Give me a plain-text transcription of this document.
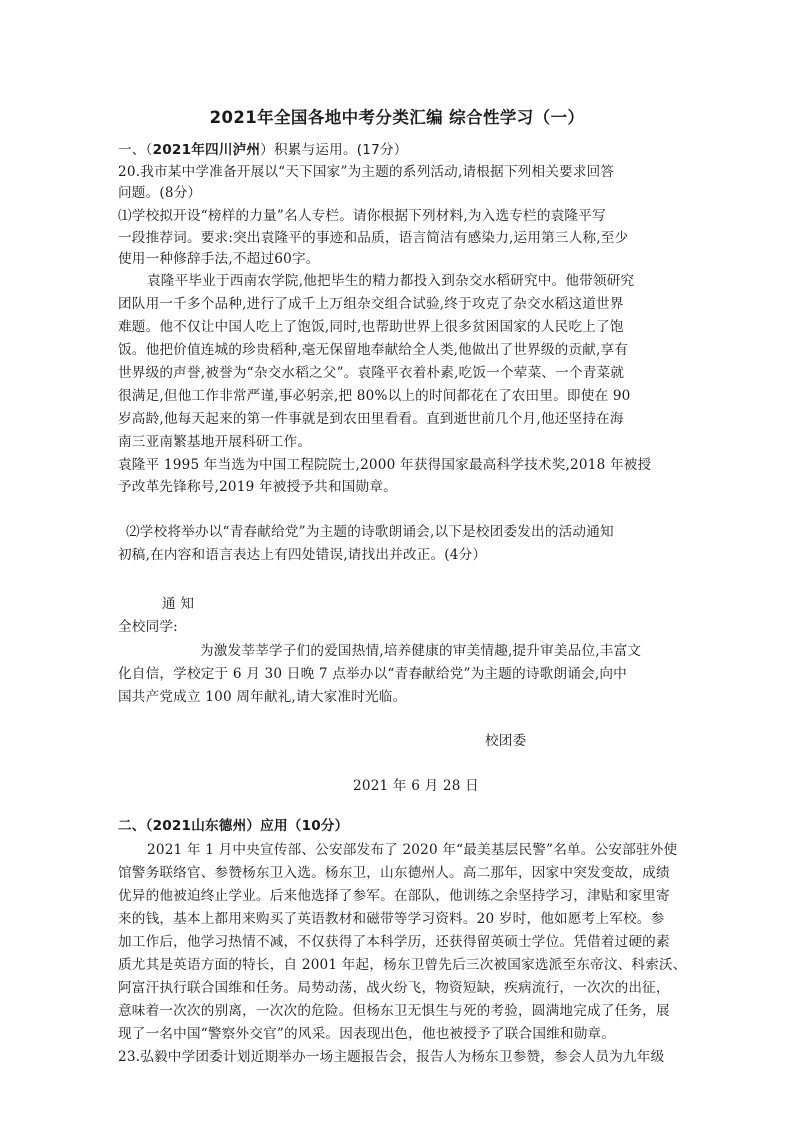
2021年全国各地中考分类汇编 综合性学习（一）
一、（2021年四川泸州）积累与运用。(17分）
20.我市某中学准备开展以“天下国家”为主题的系列活动,请根据下列相关要求回答
问题。(8分）
⑴学校拟开设“榜样的力量”名人专栏。请你根据下列材料,为入选专栏的袁隆平写
一段推荐词。要求:突出袁隆平的事迹和品质，语言简洁有感染力,运用第三人称,至少
使用一种修辞手法,不超过60字。
袁隆平毕业于西南农学院,他把毕生的精力都投入到杂交水稻研究中。他带领研究
团队用一千多个品种,进行了成千上万组杂交组合试验,终于攻克了杂交水稻这道世界
难题。他不仅让中国人吃上了饱饭,同时,也帮助世界上很多贫困国家的人民吃上了饱
饭。他把价值连城的珍贵稻种,毫无保留地奉献给全人类,他做出了世界级的贡献,享有
世界级的声誉,被誉为“杂交水稻之父”。袁隆平衣着朴素,吃饭一个荤菜、一个青菜就
很满足,但他工作非常严谨,事必躬亲,把 80%以上的时间都花在了农田里。即使在 90
岁高龄,他每天起来的第一件事就是到农田里看看。直到逝世前几个月,他还坚持在海
南三亚南繁基地开展科研工作。
袁隆平 1995 年当选为中国工程院院士,2000 年获得国家最高科学技术奖,2018 年被授
予改革先锋称号,2019 年被授予共和国勋章。
⑵学校将举办以“青春献给党”为主题的诗歌朗诵会,以下是校团委发出的活动通知
初稿,在内容和语言表达上有四处错误,请找出并改正。(4分）
通 知
全校同学:
为激发莘莘学子们的爱国热情,培养健康的审美情趣,提升审美品位,丰富文
化自信，学校定于 6 月 30 日晚 7 点举办以“青春献给党”为主题的诗歌朗诵会,向中
国共产党成立 100 周年献礼,请大家准时光临。
校团委
2021 年 6 月 28 日
二、（2021山东德州）应用（10分）
2021 年 1 月中央宣传部、公安部发布了 2020 年“最美基层民警”名单。公安部驻外使
馆警务联络官、参赞杨东卫入选。杨东卫，山东德州人。高二那年，因家中突发变故，成绩
优异的他被迫终止学业。后来他选择了参军。在部队，他训练之余坚持学习，津贴和家里寄
来的钱，基本上都用来购买了英语教材和磁带等学习资料。20 岁时，他如愿考上军校。参
加工作后，他学习热情不减，不仅获得了本科学历，还获得留英硕士学位。凭借着过硬的素
质尤其是英语方面的特长，自 2001 年起，杨东卫曾先后三次被国家选派至东帝汶、科索沃、
阿富汗执行联合国维和任务。局势动荡，战火纷飞，物资短缺，疾病流行，一次次的出征，
意味着一次次的别离，一次次的危险。但杨东卫无惧生与死的考验，圆满地完成了任务，展
现了一名中国“警察外交官”的风采。因表现出色，他也被授予了联合国维和勋章。
23.弘毅中学团委计划近期举办一场主题报告会，报告人为杨东卫参赞，参会人员为九年级
